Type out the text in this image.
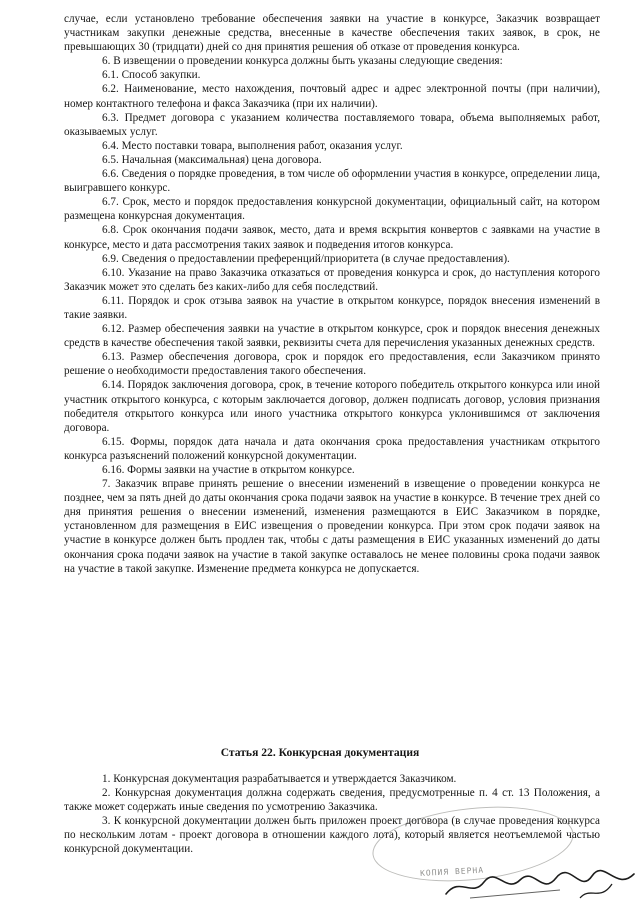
случае, если установлено требование обеспечения заявки на участие в конкурсе, Заказчик возвращает участникам закупки денежные средства, внесенные в качестве обеспечения таких заявок, в срок, не превышающих 30 (тридцати) дней со дня принятия решения об отказе от проведения конкурса.

6. В извещении о проведении конкурса должны быть указаны следующие сведения:

6.1. Способ закупки.

6.2. Наименование, место нахождения, почтовый адрес и адрес электронной почты (при наличии), номер контактного телефона и факса Заказчика (при их наличии).

6.3. Предмет договора с указанием количества поставляемого товара, объема выполняемых работ, оказываемых услуг.

6.4. Место поставки товара, выполнения работ, оказания услуг.

6.5. Начальная (максимальная) цена договора.

6.6. Сведения о порядке проведения, в том числе об оформлении участия в конкурсе, определении лица, выигравшего конкурс.

6.7. Срок, место и порядок предоставления конкурсной документации, официальный сайт, на котором размещена конкурсная документация.

6.8. Срок окончания подачи заявок, место, дата и время вскрытия конвертов с заявками на участие в конкурсе, место и дата рассмотрения таких заявок и подведения итогов конкурса.

6.9. Сведения о предоставлении преференций/приоритета (в случае предоставления).

6.10. Указание на право Заказчика отказаться от проведения конкурса и срок, до наступления которого Заказчик может это сделать без каких-либо для себя последствий.

6.11. Порядок и срок отзыва заявок на участие в открытом конкурсе, порядок внесения изменений в такие заявки.

6.12. Размер обеспечения заявки на участие в открытом конкурсе, срок и порядок внесения денежных средств в качестве обеспечения такой заявки, реквизиты счета для перечисления указанных денежных средств.

6.13. Размер обеспечения договора, срок и порядок его предоставления, если Заказчиком принято решение о необходимости предоставления такого обеспечения.

6.14. Порядок заключения договора, срок, в течение которого победитель открытого конкурса или иной участник открытого конкурса, с которым заключается договор, должен подписать договор, условия признания победителя открытого конкурса или иного участника открытого конкурса уклонившимся от заключения договора.

6.15. Формы, порядок дата начала и дата окончания срока предоставления участникам открытого конкурса разъяснений положений конкурсной документации.

6.16. Формы заявки на участие в открытом конкурсе.

7. Заказчик вправе принять решение о внесении изменений в извещение о проведении конкурса не позднее, чем за пять дней до даты окончания срока подачи заявок на участие в конкурсе. В течение трех дней со дня принятия решения о внесении изменений, изменения размещаются в ЕИС Заказчиком в порядке, установленном для размещения в ЕИС извещения о проведении конкурса. При этом срок подачи заявок на участие в конкурсе должен быть продлен так, чтобы с даты размещения в ЕИС указанных изменений до даты окончания срока подачи заявок на участие в такой закупке оставалось не менее половины срока подачи заявок на участие в такой закупке. Изменение предмета конкурса не допускается.

Статья 22. Конкурсная документация

1. Конкурсная документация разрабатывается и утверждается Заказчиком.

2. Конкурсная документация должна содержать сведения, предусмотренные п. 4 ст. 13 Положения, а также может содержать иные сведения по усмотрению Заказчика.

3. К конкурсной документации должен быть приложен проект договора (в случае проведения конкурса по нескольким лотам - проект договора в отношении каждого лота), который является неотъемлемой частью конкурсной документации.

КОПИЯ ВЕРНА
